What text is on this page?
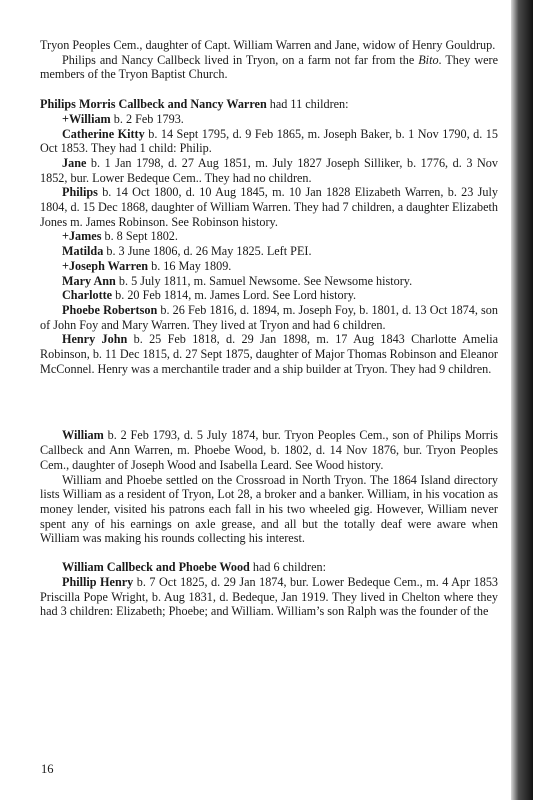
Tryon Peoples Cem., daughter of Capt. William Warren and Jane, widow of Henry Gouldrup.

Philips and Nancy Callbeck lived in Tryon, on a farm not far from the Bito. They were members of the Tryon Baptist Church.

Philips Morris Callbeck and Nancy Warren had 11 children:

+William b. 2 Feb 1793.

Catherine Kitty b. 14 Sept 1795, d. 9 Feb 1865, m. Joseph Baker, b. 1 Nov 1790, d. 15 Oct 1853. They had 1 child: Philip.

Jane b. 1 Jan 1798, d. 27 Aug 1851, m. July 1827 Joseph Silliker, b. 1776, d. 3 Nov 1852, bur. Lower Bedeque Cem.. They had no children.

Philips b. 14 Oct 1800, d. 10 Aug 1845, m. 10 Jan 1828 Elizabeth Warren, b. 23 July 1804, d. 15 Dec 1868, daughter of William Warren. They had 7 children, a daughter Elizabeth Jones m. James Robinson. See Robinson history.

+James b. 8 Sept 1802.

Matilda b. 3 June 1806, d. 26 May 1825. Left PEI.

+Joseph Warren b. 16 May 1809.

Mary Ann b. 5 July 1811, m. Samuel Newsome. See Newsome history.

Charlotte b. 20 Feb 1814, m. James Lord. See Lord history.

Phoebe Robertson b. 26 Feb 1816, d. 1894, m. Joseph Foy, b. 1801, d. 13 Oct 1874, son of John Foy and Mary Warren. They lived at Tryon and had 6 children.

Henry John b. 25 Feb 1818, d. 29 Jan 1898, m. 17 Aug 1843 Charlotte Amelia Robinson, b. 11 Dec 1815, d. 27 Sept 1875, daughter of Major Thomas Robinson and Eleanor McConnel. Henry was a merchantile trader and a ship builder at Tryon. They had 9 children.

William b. 2 Feb 1793, d. 5 July 1874, bur. Tryon Peoples Cem., son of Philips Morris Callbeck and Ann Warren, m. Phoebe Wood, b. 1802, d. 14 Nov 1876, bur. Tryon Peoples Cem., daughter of Joseph Wood and Isabella Leard. See Wood history.

William and Phoebe settled on the Crossroad in North Tryon. The 1864 Island directory lists William as a resident of Tryon, Lot 28, a broker and a banker. William, in his vocation as money lender, visited his patrons each fall in his two wheeled gig. However, William never spent any of his earnings on axle grease, and all but the totally deaf were aware when William was making his rounds collecting his interest.

William Callbeck and Phoebe Wood had 6 children:

Phillip Henry b. 7 Oct 1825, d. 29 Jan 1874, bur. Lower Bedeque Cem., m. 4 Apr 1853 Priscilla Pope Wright, b. Aug 1831, d. Bedeque, Jan 1919. They lived in Chelton where they had 3 children: Elizabeth; Phoebe; and William. William’s son Ralph was the founder of the

16
